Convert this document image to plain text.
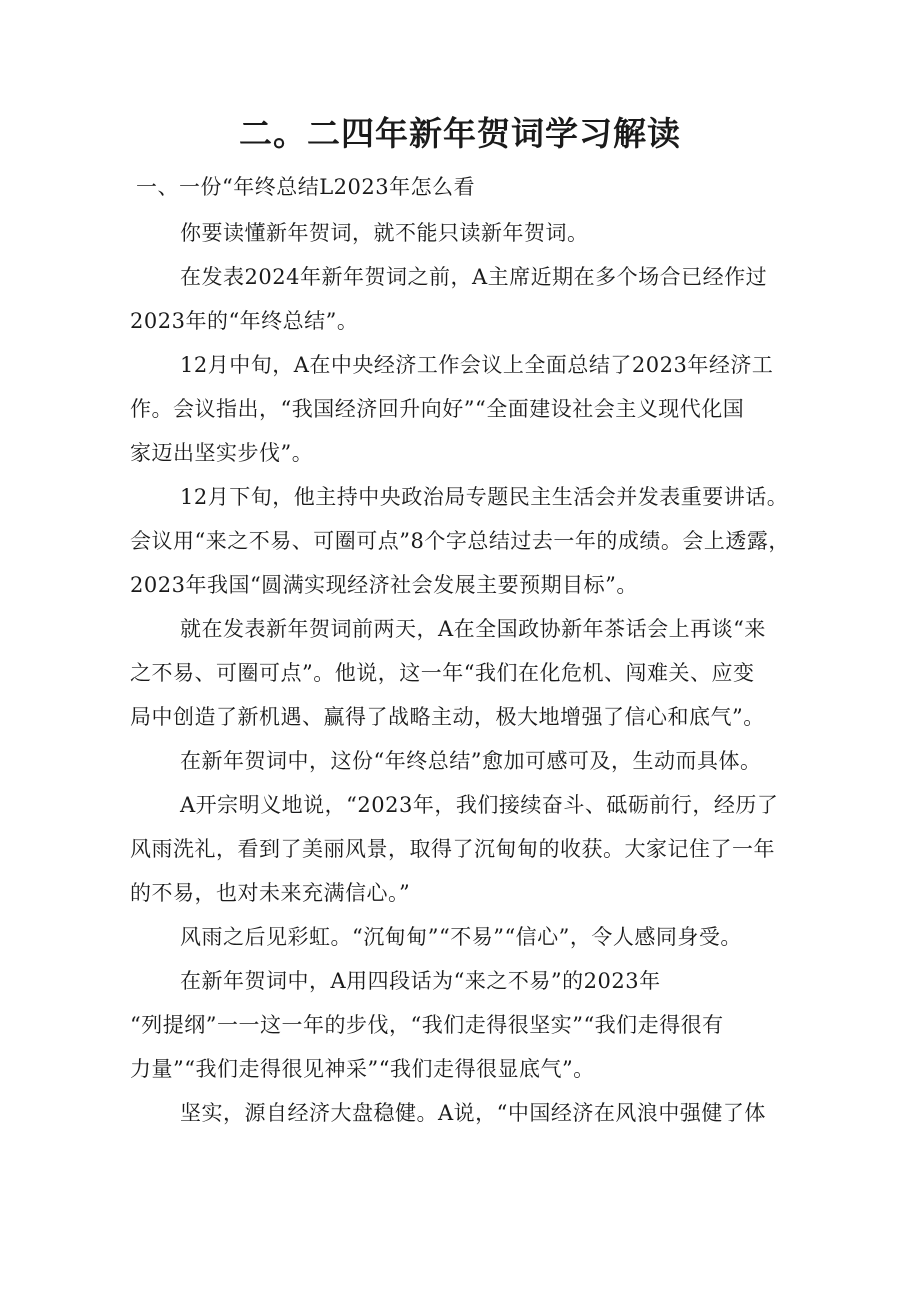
二。二四年新年贺词学习解读
一、一份“年终总结L2023年怎么看
你要读懂新年贺词，就不能只读新年贺词。
在发表2024年新年贺词之前，A主席近期在多个场合已经作过
2023年的“年终总结”。
12月中旬，A在中央经济工作会议上全面总结了2023年经济工
作。会议指出，“我国经济回升向好”“全面建设社会主义现代化国
家迈出坚实步伐”。
12月下旬，他主持中央政治局专题民主生活会并发表重要讲话。
会议用“来之不易、可圈可点”8个字总结过去一年的成绩。会上透露，
2023年我国“圆满实现经济社会发展主要预期目标”。
就在发表新年贺词前两天，A在全国政协新年茶话会上再谈“来
之不易、可圈可点”。他说，这一年“我们在化危机、闯难关、应变
局中创造了新机遇、赢得了战略主动，极大地增强了信心和底气”。
在新年贺词中，这份“年终总结”愈加可感可及，生动而具体。
A开宗明义地说，“2023年，我们接续奋斗、砥砺前行，经历了
风雨洗礼，看到了美丽风景，取得了沉甸甸的收获。大家记住了一年
的不易，也对未来充满信心。”
风雨之后见彩虹。“沉甸甸”“不易”“信心”，令人感同身受。
在新年贺词中，A用四段话为“来之不易”的2023年
“列提纲”一一这一年的步伐，“我们走得很坚实”“我们走得很有
力量”“我们走得很见神采”“我们走得很显底气”。
坚实，源自经济大盘稳健。A说，“中国经济在风浪中强健了体
